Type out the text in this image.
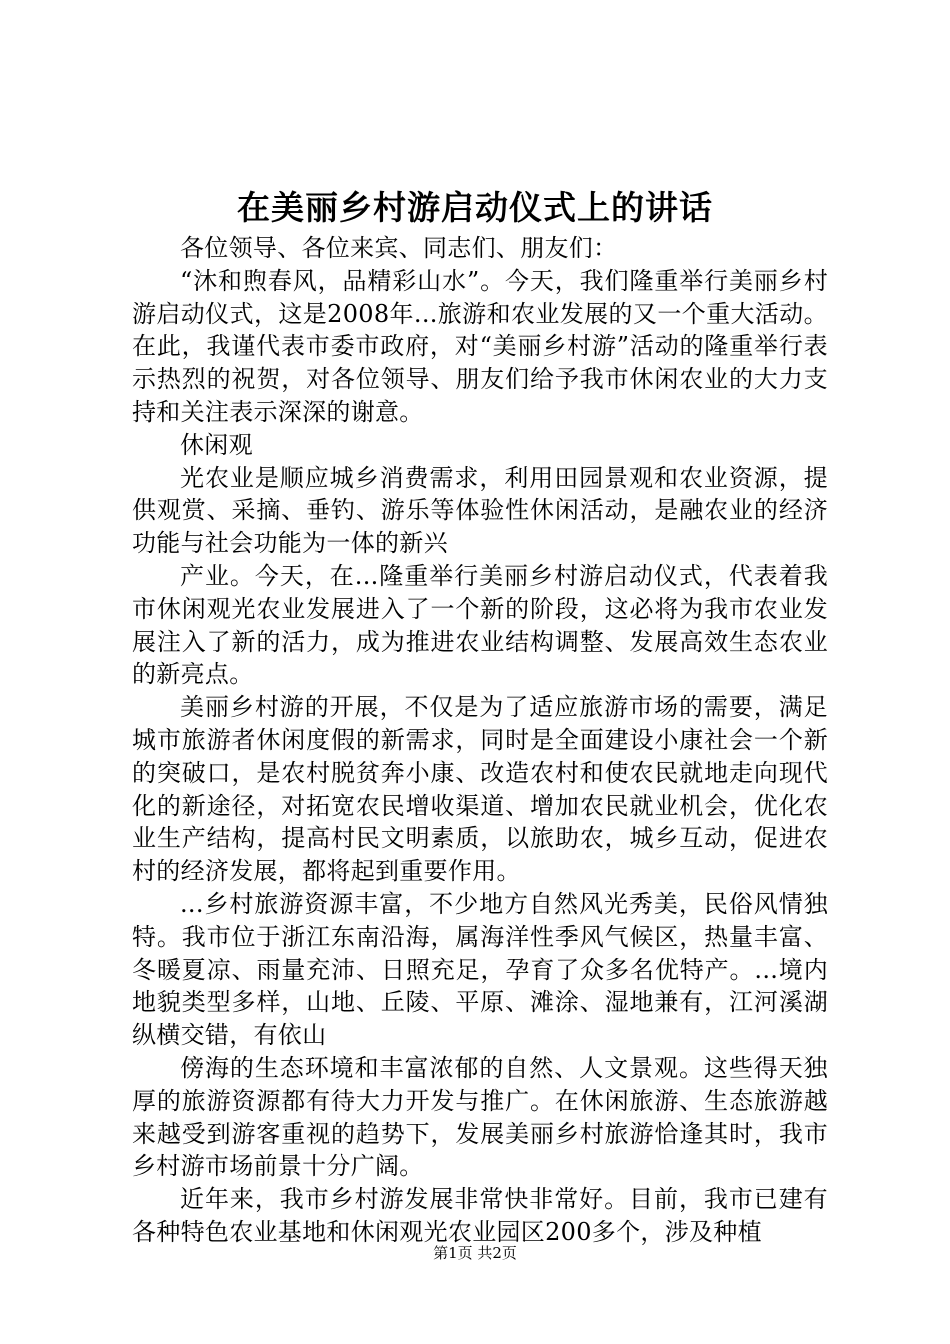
在美丽乡村游启动仪式上的讲话

各位领导、各位来宾、同志们、朋友们：

“沐和煦春风，品精彩山水”。今天，我们隆重举行美丽乡村游启动仪式，这是2008年...旅游和农业发展的又一个重大活动。在此，我谨代表市委市政府，对“美丽乡村游”活动的隆重举行表示热烈的祝贺，对各位领导、朋友们给予我市休闲农业的大力支持和关注表示深深的谢意。

休闲观

光农业是顺应城乡消费需求，利用田园景观和农业资源，提供观赏、采摘、垂钓、游乐等体验性休闲活动，是融农业的经济功能与社会功能为一体的新兴

产业。今天，在...隆重举行美丽乡村游启动仪式，代表着我市休闲观光农业发展进入了一个新的阶段，这必将为我市农业发展注入了新的活力，成为推进农业结构调整、发展高效生态农业的新亮点。

美丽乡村游的开展，不仅是为了适应旅游市场的需要，满足城市旅游者休闲度假的新需求，同时是全面建设小康社会一个新的突破口，是农村脱贫奔小康、改造农村和使农民就地走向现代化的新途径，对拓宽农民增收渠道、增加农民就业机会，优化农业生产结构，提高村民文明素质，以旅助农，城乡互动，促进农村的经济发展，都将起到重要作用。

...乡村旅游资源丰富，不少地方自然风光秀美，民俗风情独特。我市位于浙江东南沿海，属海洋性季风气候区，热量丰富、冬暖夏凉、雨量充沛、日照充足，孕育了众多名优特产。...境内地貌类型多样，山地、丘陵、平原、滩涂、湿地兼有，江河溪湖纵横交错，有依山

傍海的生态环境和丰富浓郁的自然、人文景观。这些得天独厚的旅游资源都有待大力开发与推广。在休闲旅游、生态旅游越来越受到游客重视的趋势下，发展美丽乡村旅游恰逢其时，我市乡村游市场前景十分广阔。

近年来，我市乡村游发展非常快非常好。目前，我市已建有各种特色农业基地和休闲观光农业园区200多个，涉及种植

第1页 共2页
